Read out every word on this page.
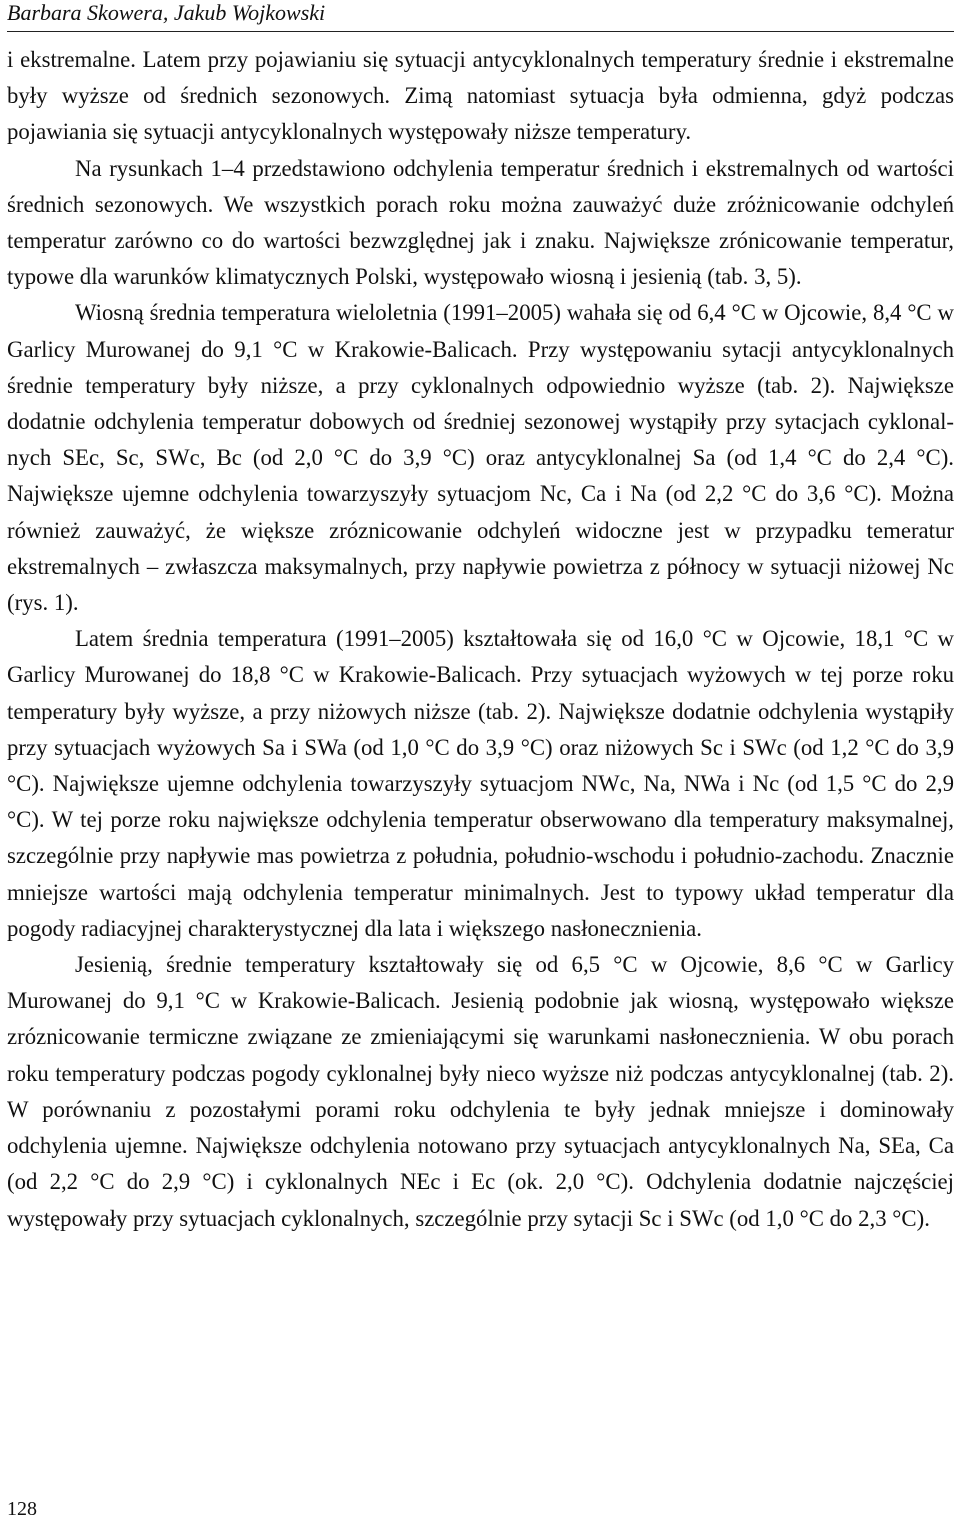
Barbara Skowera, Jakub Wojkowski

i ekstremalne. Latem przy pojawianiu się sytuacji antycyklonalnych temperatury średnie i ekstremalne były wyższe od średnich sezonowych. Zimą natomiast sytuacja była odmienna, gdyż podczas pojawiania się sytuacji antycyklonalnych występowały niższe temperatury.

Na rysunkach 1–4 przedstawiono odchylenia temperatur średnich i ekstremalnych od wartości średnich sezonowych. We wszystkich porach roku można zauważyć duże zróżnicowanie odchyleń temperatur zarówno co do wartości bezwzględnej jak i znaku. Największe zrónicowanie temperatur, typowe dla warunków klimatycznych Polski, występowało wiosną i jesienią (tab. 3, 5).

Wiosną średnia temperatura wieloletnia (1991–2005) wahała się od 6,4 °C w Ojcowie, 8,4 °C w Garlicy Murowanej do 9,1 °C w Krakowie-Balicach. Przy występowaniu sytacji antycyklonalnych średnie temperatury były niższe, a przy cyklonalnych odpowiednio wyższe (tab. 2). Największe dodatnie odchylenia temperatur dobowych od średniej sezonowej wystąpiły przy sytacjach cyklonalnych SEc, Sc, SWc, Bc (od 2,0 °C do 3,9 °C) oraz antycyklonalnej Sa (od 1,4 °C do 2,4 °C). Największe ujemne odchylenia towarzyszyły sytuacjom Nc, Ca i Na (od 2,2 °C do 3,6 °C). Można również zauważyć, że większe zróznicowanie odchyleń widoczne jest w przypadku temeratur ekstremalnych – zwłaszcza maksymalnych, przy napływie powietrza z północy w sytuacji niżowej Nc (rys. 1).

Latem średnia temperatura (1991–2005) kształtowała się od 16,0 °C w Ojcowie, 18,1 °C w Garlicy Murowanej do 18,8 °C w Krakowie-Balicach. Przy sytuacjach wyżowych w tej porze roku temperatury były wyższe, a przy niżowych niższe (tab. 2). Największe dodatnie odchylenia wystąpiły przy sytuacjach wyżowych Sa i SWa (od 1,0 °C do 3,9 °C) oraz niżowych Sc i SWc (od 1,2 °C do 3,9 °C). Największe ujemne odchylenia towarzyszyły sytuacjom NWc, Na, NWa i Nc (od 1,5 °C do 2,9 °C). W tej porze roku największe odchylenia temperatur obserwowano dla temperatury maksymalnej, szczególnie przy napływie mas powietrza z południa, południo-wschodu i południo-zachodu. Znacznie mniejsze wartości mają odchylenia temperatur minimalnych. Jest to typowy układ temperatur dla pogody radiacyjnej charakterystycznej dla lata i większego nasłonecznienia.

Jesienią, średnie temperatury kształtowały się od 6,5 °C w Ojcowie, 8,6 °C w Garlicy Murowanej do 9,1 °C w Krakowie-Balicach. Jesienią podobnie jak wiosną, występowało większe zróznicowanie termiczne związane ze zmieniającymi się warunkami nasłonecznienia. W obu porach roku temperatury podczas pogody cyklonalnej były nieco wyższe niż podczas antycyklonalnej (tab. 2). W porównaniu z pozostałymi porami roku odchylenia te były jednak mniejsze i dominowały odchylenia ujemne. Największe odchylenia notowano przy sytuacjach antycyklonalnych Na, SEa, Ca (od 2,2 °C do 2,9 °C) i cyklonalnych NEc i Ec (ok. 2,0 °C). Odchylenia dodatnie najczęściej występowały przy sytuacjach cyklonalnych, szczególnie przy sytacji Sc i SWc (od 1,0 °C do 2,3 °C).

128
